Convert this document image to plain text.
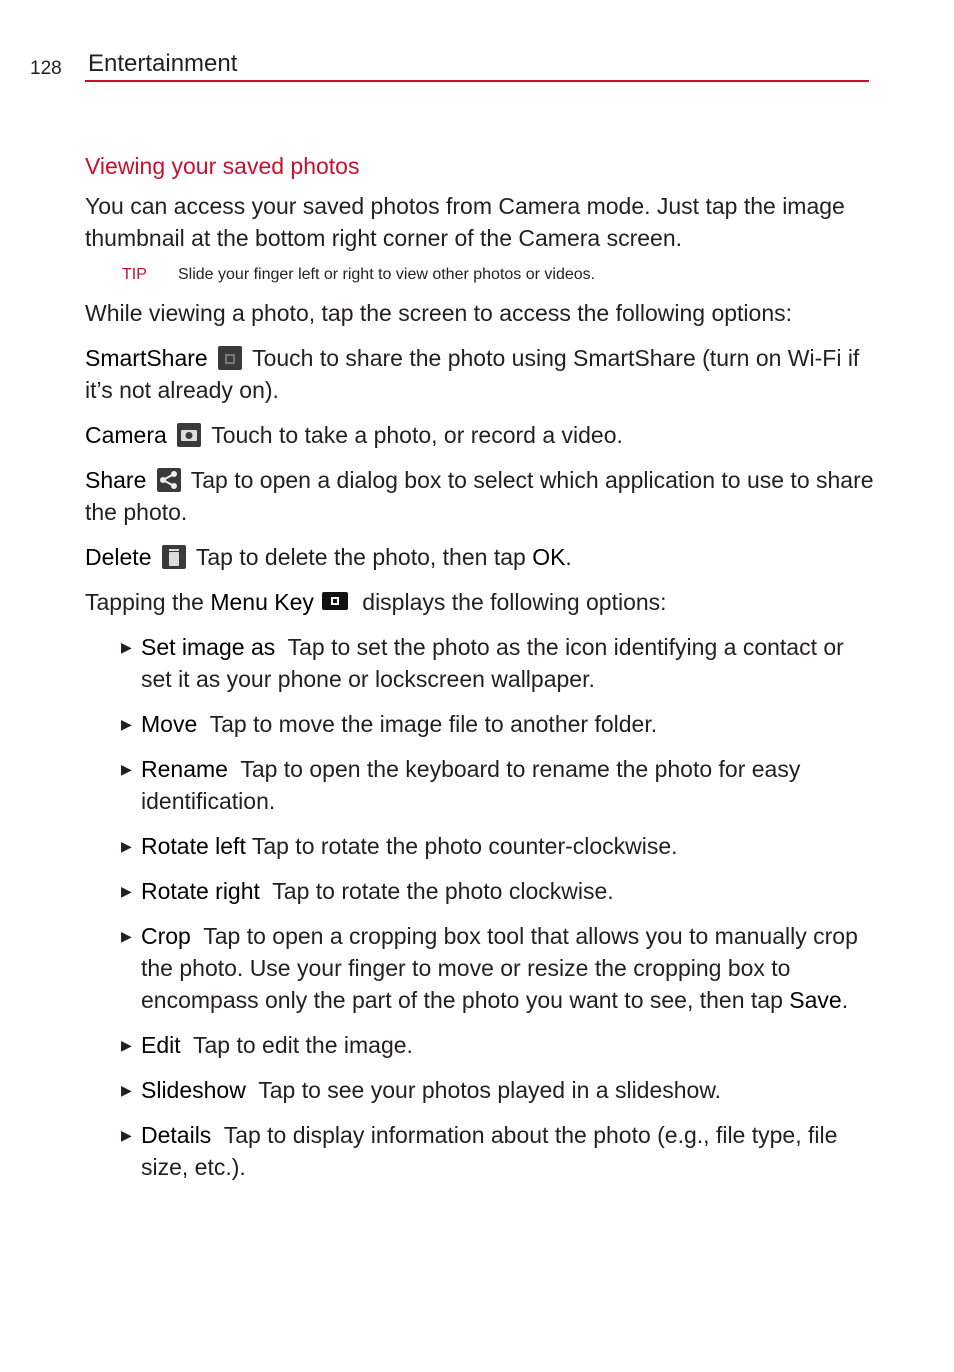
128 Entertainment
Viewing your saved photos

You can access your saved photos from Camera mode. Just tap the image thumbnail at the bottom right corner of the Camera screen.

TIP	Slide your finger left or right to view other photos or videos.

While viewing a photo, tap the screen to access the following options:

SmartShare Touch to share the photo using SmartShare (turn on Wi-Fi if it’s not already on).

Camera Touch to take a photo, or record a video.

Share Tap to open a dialog box to select which application to use to share the photo.

Delete Tap to delete the photo, then tap OK.

Tapping the Menu Key
displays the following options:

▶ Set image as Tap to set the photo as the icon identifying a contact or set it as your phone or lockscreen wallpaper.
▶ Move Tap to move the image file to another folder.
▶ Rename Tap to open the keyboard to rename the photo for easy identification.
▶ Rotate left Tap to rotate the photo counter-clockwise.
▶ Rotate right Tap to rotate the photo clockwise.
▶ Crop Tap to open a cropping box tool that allows you to manually crop the photo. Use your finger to move or resize the cropping box to encompass only the part of the photo you want to see, then tap Save.
▶ Edit Tap to edit the image.
▶ Slideshow Tap to see your photos played in a slideshow.
▶ Details Tap to display information about the photo (e.g., file type, file size, etc.).
